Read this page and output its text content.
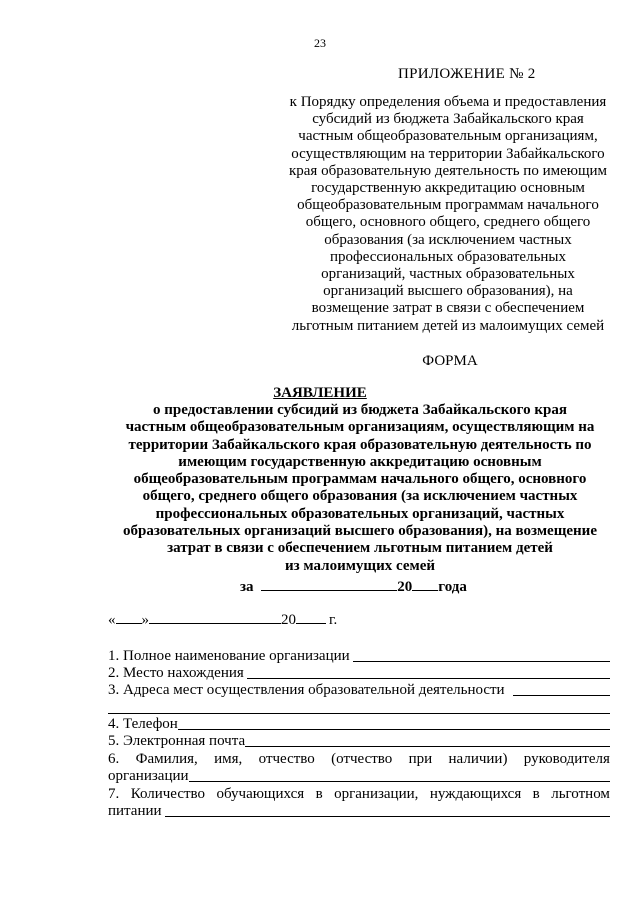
23
ПРИЛОЖЕНИЕ № 2
к Порядку определения объема и предоставления
субсидий из бюджета Забайкальского края
частным общеобразовательным организациям,
осуществляющим на территории Забайкальского
края образовательную деятельность по имеющим
государственную аккредитацию основным
общеобразовательным программам начального
общего, основного общего, среднего общего
образования (за исключением частных
профессиональных образовательных
организаций, частных образовательных
организаций высшего образования), на
возмещение затрат в связи с обеспечением
льготным питанием детей из малоимущих семей
ФОРМА
ЗАЯВЛЕНИЕ
о предоставлении субсидий из бюджета Забайкальского края
частным общеобразовательным организациям, осуществляющим на
территории Забайкальского края образовательную деятельность по
имеющим государственную аккредитацию основным
общеобразовательным программам начального общего, основного
общего, среднего общего образования (за исключением частных
профессиональных образовательных организаций, частных
образовательных организаций высшего образования), на возмещение
затрат в связи с обеспечением льготным питанием детей
из малоимущих семей
за	20 года
« »	20 г.
1. Полное наименование организации
2. Место нахождения
3. Адреса мест осуществления образовательной деятельности
4. Телефон
5. Электронная почта
6. Фамилия, имя, отчество (отчество при наличии) руководителя
организации
7. Количество обучающихся в организации, нуждающихся в льготном
питании
